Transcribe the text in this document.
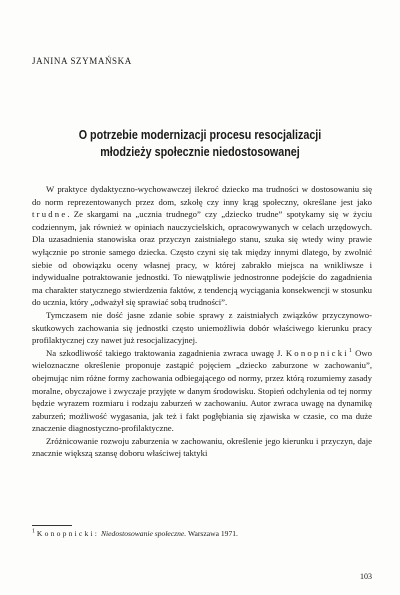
JANINA SZYMAŃSKA
O potrzebie modernizacji procesu resocjalizacji
młodzieży społecznie niedostosowanej

W praktyce dydaktyczno-wychowawczej ilekroć dziecko ma trudności w dostosowaniu się do norm reprezentowanych przez dom, szkołę czy inny krąg społeczny, określane jest jako trudne. Ze skargami na „ucznia trudnego” czy „dziecko trudne” spotykamy się w życiu codziennym, jak również w opiniach nauczycielskich, opracowywanych w celach urzędowych. Dla uzasadnienia stanowiska oraz przyczyn zaistniałego stanu, szuka się wtedy winy prawie wyłącznie po stronie samego dziecka. Często czyni się tak między innymi dlatego, by zwolnić siebie od obowiązku oceny własnej pracy, w której zabrakło miejsca na wnikliwsze i indywidualne potraktowanie jednostki. To niewątpliwie jednostronne podejście do zagadnienia ma charakter statycznego stwierdzenia faktów, z tendencją wyciągania konsekwencji w stosunku do ucznia, który „odważył się sprawiać sobą trudności”.

Tymczasem nie dość jasne zdanie sobie sprawy z zaistniałych związków przyczynowo-skutkowych zachowania się jednostki często uniemożliwia dobór właściwego kierunku pracy profilaktycznej czy nawet już resocjalizacyjnej.

Na szkodliwość takiego traktowania zagadnienia zwraca uwagę J. Konopnicki$^1$ Owo wieloznaczne określenie proponuje zastąpić pojęciem „dziecko zaburzone w zachowaniu”, obejmując nim różne formy zachowania odbiegającego od normy, przez którą rozumiemy zasady moralne, obyczajowe i zwyczaje przyjęte w danym środowisku. Stopień odchylenia od tej normy będzie wyrazem rozmiaru i rodzaju zaburzeń w zachowaniu. Autor zwraca uwagę na dynamikę zaburzeń; możliwość wygasania, jak też i fakt pogłębiania się zjawiska w czasie, co ma duże znaczenie diagnostyczno-profilaktyczne.

Zróżnicowanie rozwoju zaburzenia w zachowaniu, określenie jego kierunku i przyczyn, daje znacznie większą szansę doboru właściwej taktyki

$^1$ Konopnicki: Niedostosowanie społeczne. Warszawa 1971.
103
